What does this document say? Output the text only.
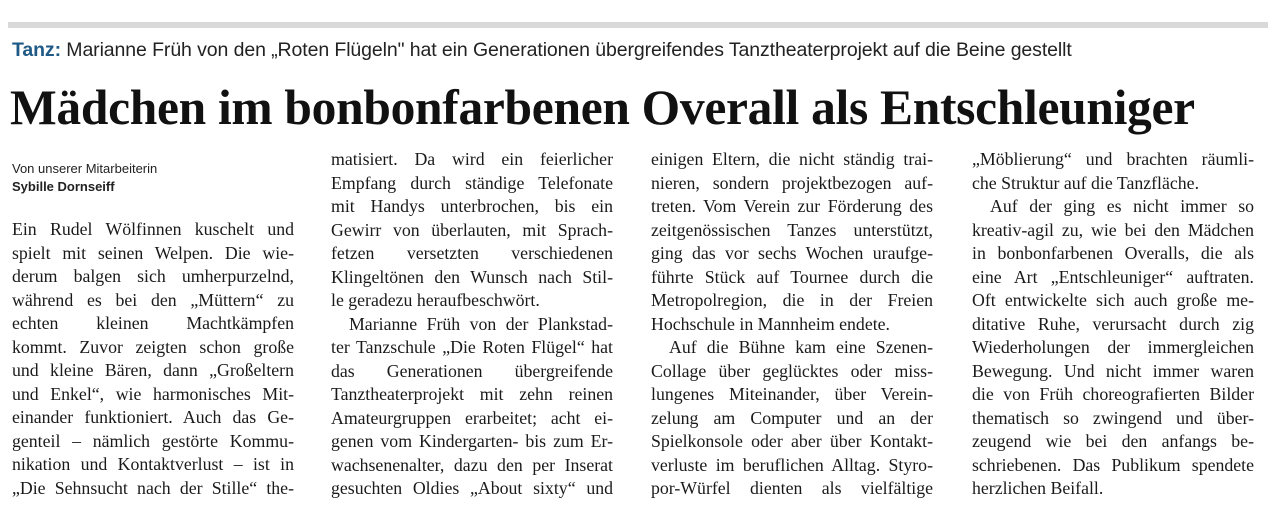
Tanz: Marianne Früh von den „Roten Flügeln" hat ein Generationen übergreifendes Tanztheaterprojekt auf die Beine gestellt
Mädchen im bonbonfarbenen Overall als Entschleuniger
Von unserer Mitarbeiterin
Sybille Dornseiff
Ein Rudel Wölfinnen kuschelt und
spielt mit seinen Welpen. Die wie-
derum balgen sich umherpurzelnd,
während es bei den „Müttern“ zu
echten kleinen Machtkämpfen
kommt. Zuvor zeigten schon große
und kleine Bären, dann „Großeltern
und Enkel“, wie harmonisches Mit-
einander funktioniert. Auch das Ge-
genteil – nämlich gestörte Kommu-
nikation und Kontaktverlust – ist in
„Die Sehnsucht nach der Stille“ the-
matisiert. Da wird ein feierlicher
Empfang durch ständige Telefonate
mit Handys unterbrochen, bis ein
Gewirr von überlauten, mit Sprach-
fetzen versetzten verschiedenen
Klingeltönen den Wunsch nach Stil-
le geradezu heraufbeschwört.
Marianne Früh von der Plankstad-
ter Tanzschule „Die Roten Flügel“ hat
das Generationen übergreifende
Tanztheaterprojekt mit zehn reinen
Amateurgruppen erarbeitet; acht ei-
genen vom Kindergarten- bis zum Er-
wachsenenalter, dazu den per Inserat
gesuchten Oldies „About sixty“ und
einigen Eltern, die nicht ständig trai-
nieren, sondern projektbezogen auf-
treten. Vom Verein zur Förderung des
zeitgenössischen Tanzes unterstützt,
ging das vor sechs Wochen uraufge-
führte Stück auf Tournee durch die
Metropolregion, die in der Freien
Hochschule in Mannheim endete.
Auf die Bühne kam eine Szenen-
Collage über geglücktes oder miss-
lungenes Miteinander, über Verein-
zelung am Computer und an der
Spielkonsole oder aber über Kontakt-
verluste im beruflichen Alltag. Styro-
por-Würfel dienten als vielfältige
„Möblierung“ und brachten räumli-
che Struktur auf die Tanzfläche.
Auf der ging es nicht immer so
kreativ-agil zu, wie bei den Mädchen
in bonbonfarbenen Overalls, die als
eine Art „Entschleuniger“ auftraten.
Oft entwickelte sich auch große me-
ditative Ruhe, verursacht durch zig
Wiederholungen der immergleichen
Bewegung. Und nicht immer waren
die von Früh choreografierten Bilder
thematisch so zwingend und über-
zeugend wie bei den anfangs be-
schriebenen. Das Publikum spendete
herzlichen Beifall.
